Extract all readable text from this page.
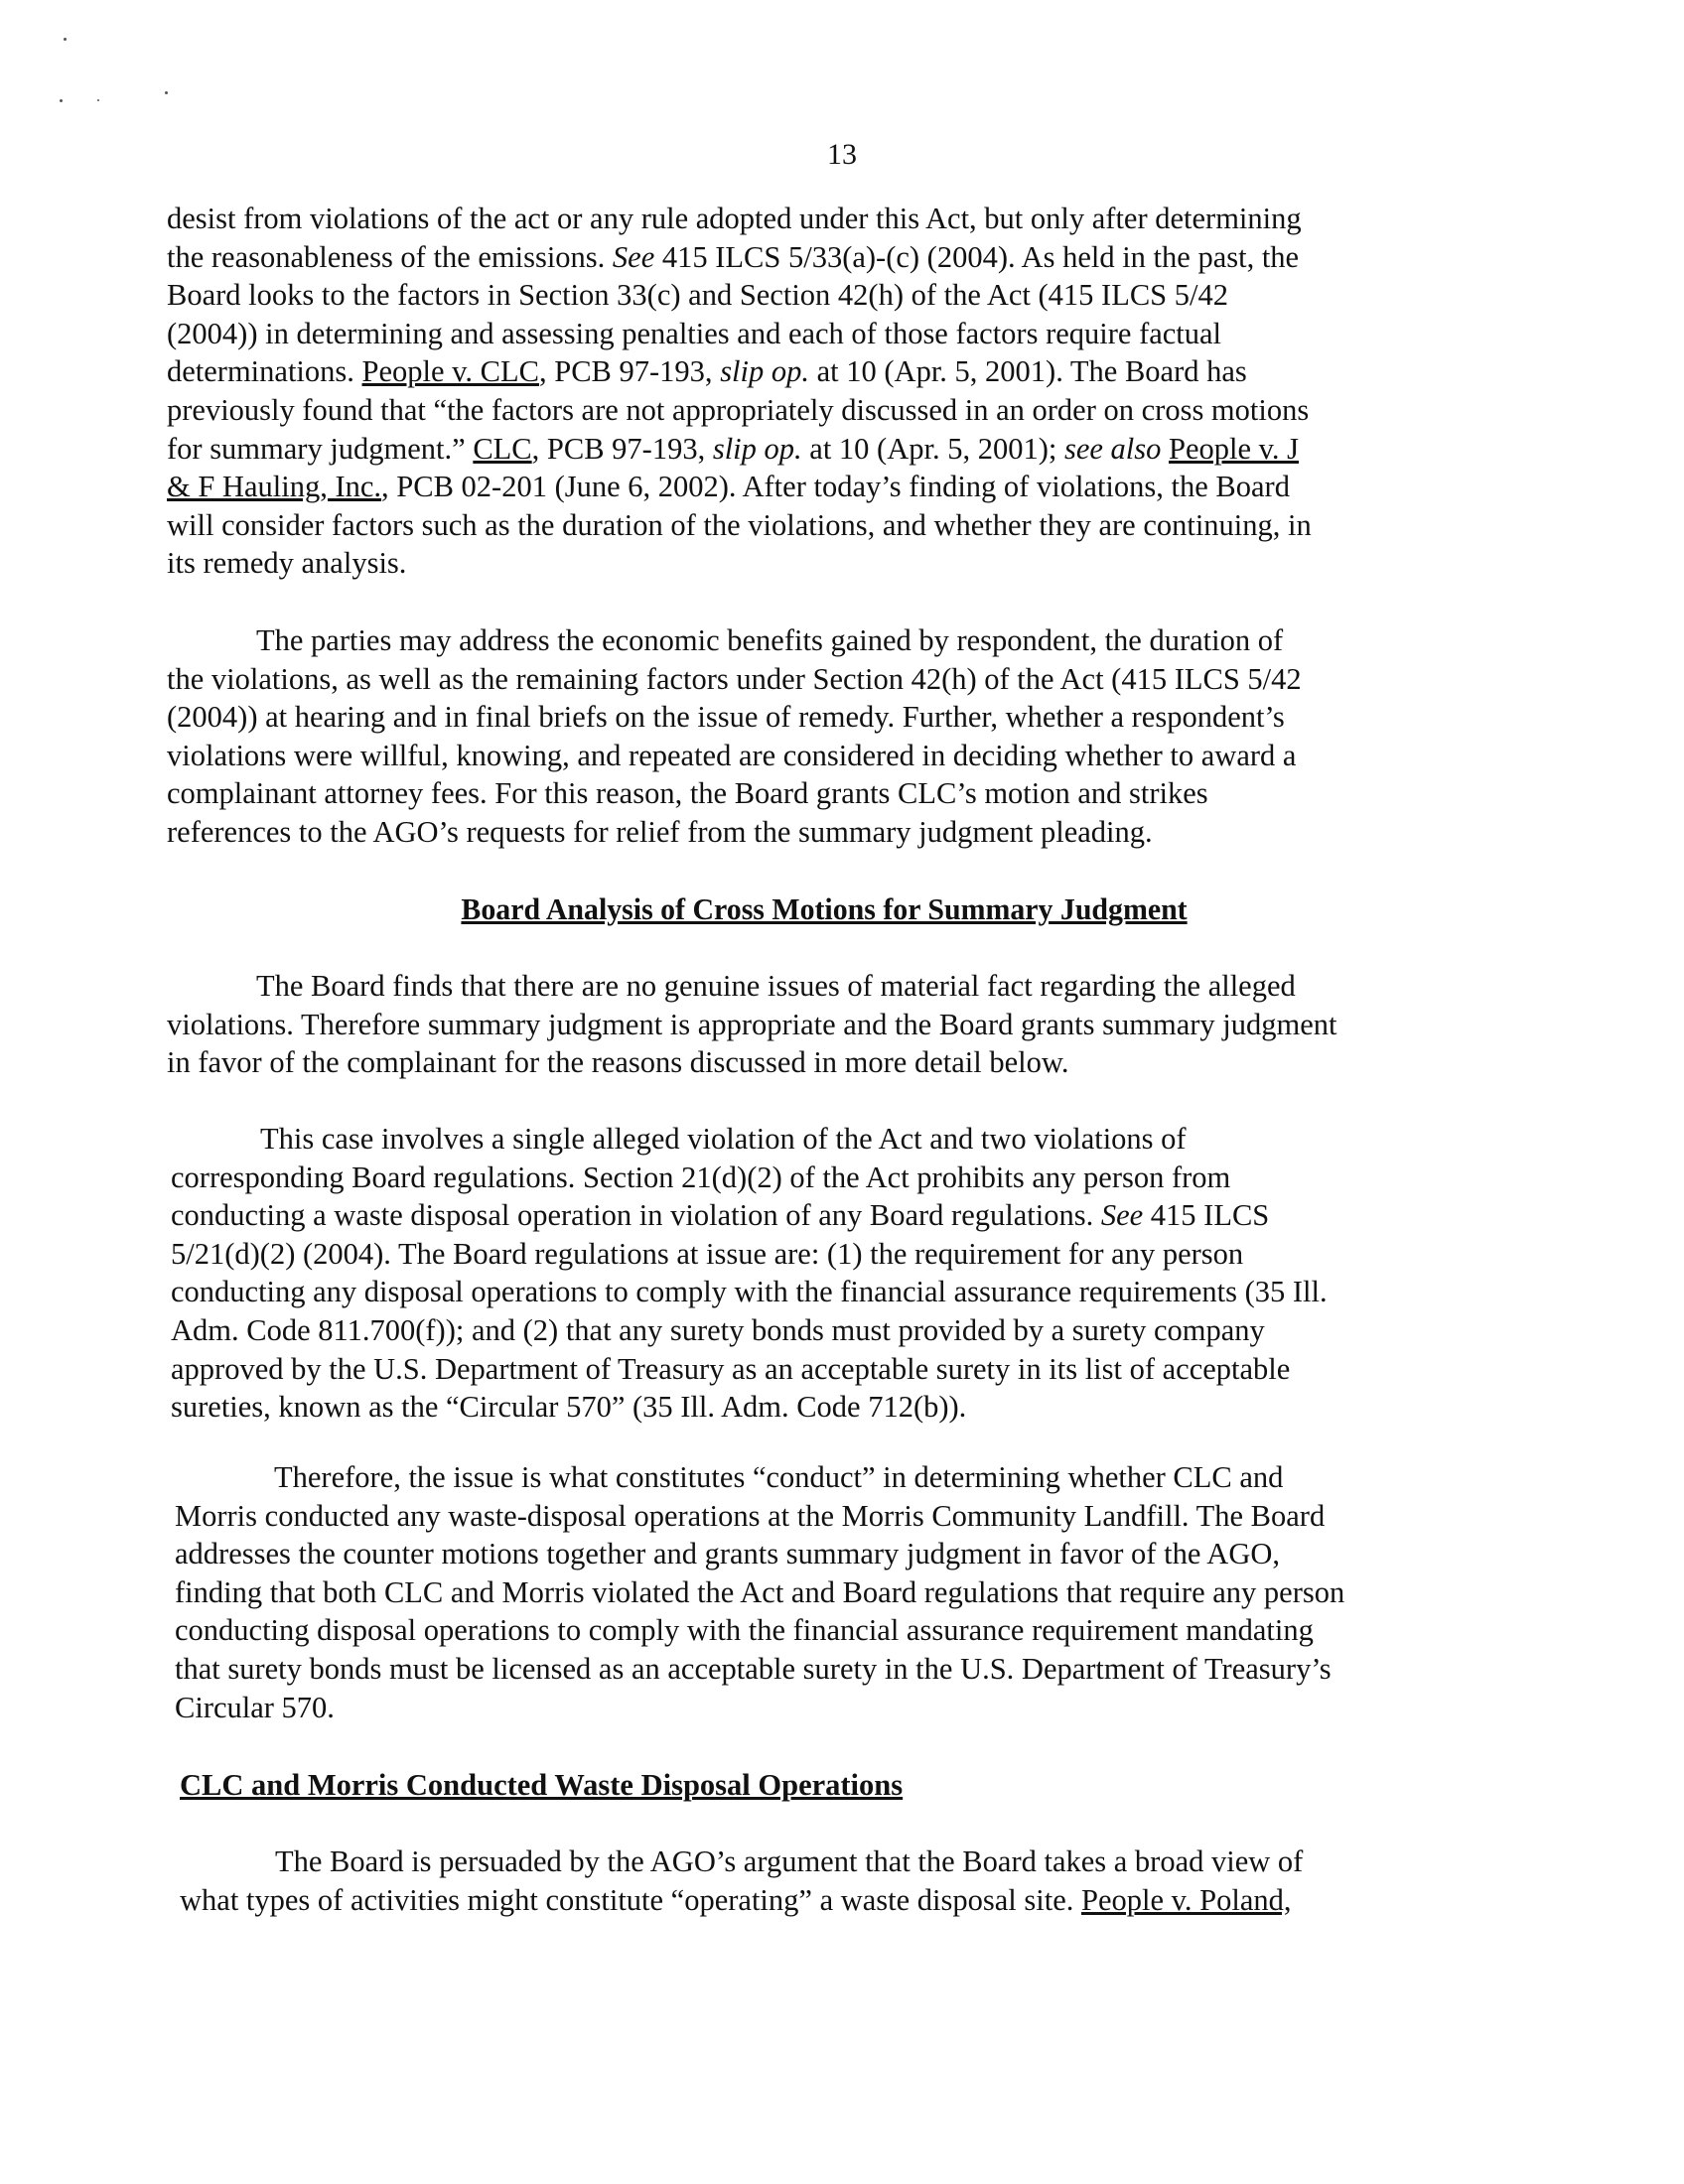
13
desist from violations of the act or any rule adopted under this Act, but only after determining
the reasonableness of the emissions. See 415 ILCS 5/33(a)-(c) (2004). As held in the past, the
Board looks to the factors in Section 33(c) and Section 42(h) of the Act (415 ILCS 5/42
(2004)) in determining and assessing penalties and each of those factors require factual
determinations. People v. CLC, PCB 97-193, slip op. at 10 (Apr. 5, 2001). The Board has
previously found that “the factors are not appropriately discussed in an order on cross motions
for summary judgment.” CLC, PCB 97-193, slip op. at 10 (Apr. 5, 2001); see also People v. J
& F Hauling, Inc., PCB 02-201 (June 6, 2002). After today’s finding of violations, the Board
will consider factors such as the duration of the violations, and whether they are continuing, in
its remedy analysis.
The parties may address the economic benefits gained by respondent, the duration of
the violations, as well as the remaining factors under Section 42(h) of the Act (415 ILCS 5/42
(2004)) at hearing and in final briefs on the issue of remedy. Further, whether a respondent’s
violations were willful, knowing, and repeated are considered in deciding whether to award a
complainant attorney fees. For this reason, the Board grants CLC’s motion and strikes
references to the AGO’s requests for relief from the summary judgment pleading.
Board Analysis of Cross Motions for Summary Judgment
The Board finds that there are no genuine issues of material fact regarding the alleged
violations. Therefore summary judgment is appropriate and the Board grants summary judgment
in favor of the complainant for the reasons discussed in more detail below.
This case involves a single alleged violation of the Act and two violations of
corresponding Board regulations. Section 21(d)(2) of the Act prohibits any person from
conducting a waste disposal operation in violation of any Board regulations. See 415 ILCS
5/21(d)(2) (2004). The Board regulations at issue are: (1) the requirement for any person
conducting any disposal operations to comply with the financial assurance requirements (35 Ill.
Adm. Code 811.700(f)); and (2) that any surety bonds must provided by a surety company
approved by the U.S. Department of Treasury as an acceptable surety in its list of acceptable
sureties, known as the “Circular 570” (35 Ill. Adm. Code 712(b)).
Therefore, the issue is what constitutes “conduct” in determining whether CLC and
Morris conducted any waste-disposal operations at the Morris Community Landfill. The Board
addresses the counter motions together and grants summary judgment in favor of the AGO,
finding that both CLC and Morris violated the Act and Board regulations that require any person
conducting disposal operations to comply with the financial assurance requirement mandating
that surety bonds must be licensed as an acceptable surety in the U.S. Department of Treasury’s
Circular 570.
CLC and Morris Conducted Waste Disposal Operations
The Board is persuaded by the AGO’s argument that the Board takes a broad view of
what types of activities might constitute “operating” a waste disposal site. People v. Poland,
